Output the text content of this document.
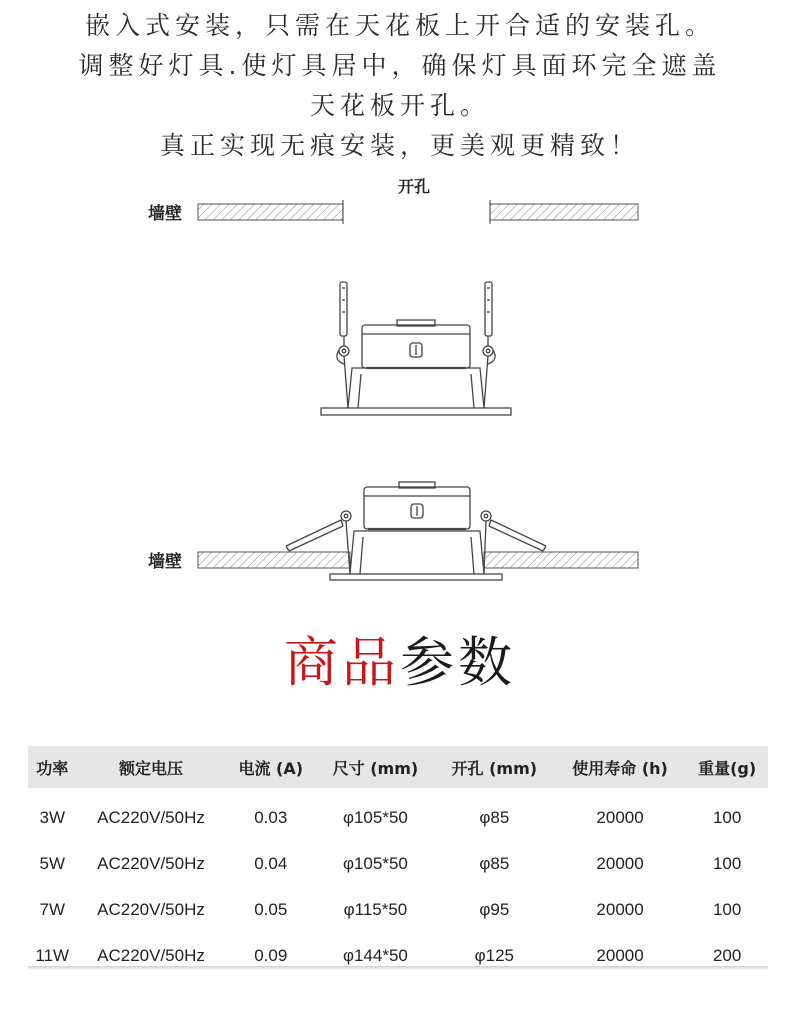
嵌入式安装，只需在天花板上开合适的安装孔。
调整好灯具.使灯具居中，确保灯具面环完全遮盖
天花板开孔。
真正实现无痕安装，更美观更精致！
开孔
墙壁
墙壁
商品参数
功率	额定电压	电流 (A)	尺寸 (mm)	开孔 (mm)	使用寿命 (h)	重量(g)
3W	AC220V/50Hz	0.03	φ105*50	φ85	20000	100
5W	AC220V/50Hz	0.04	φ105*50	φ85	20000	100
7W	AC220V/50Hz	0.05	φ115*50	φ95	20000	100
11W	AC220V/50Hz	0.09	φ144*50	φ125	20000	200
